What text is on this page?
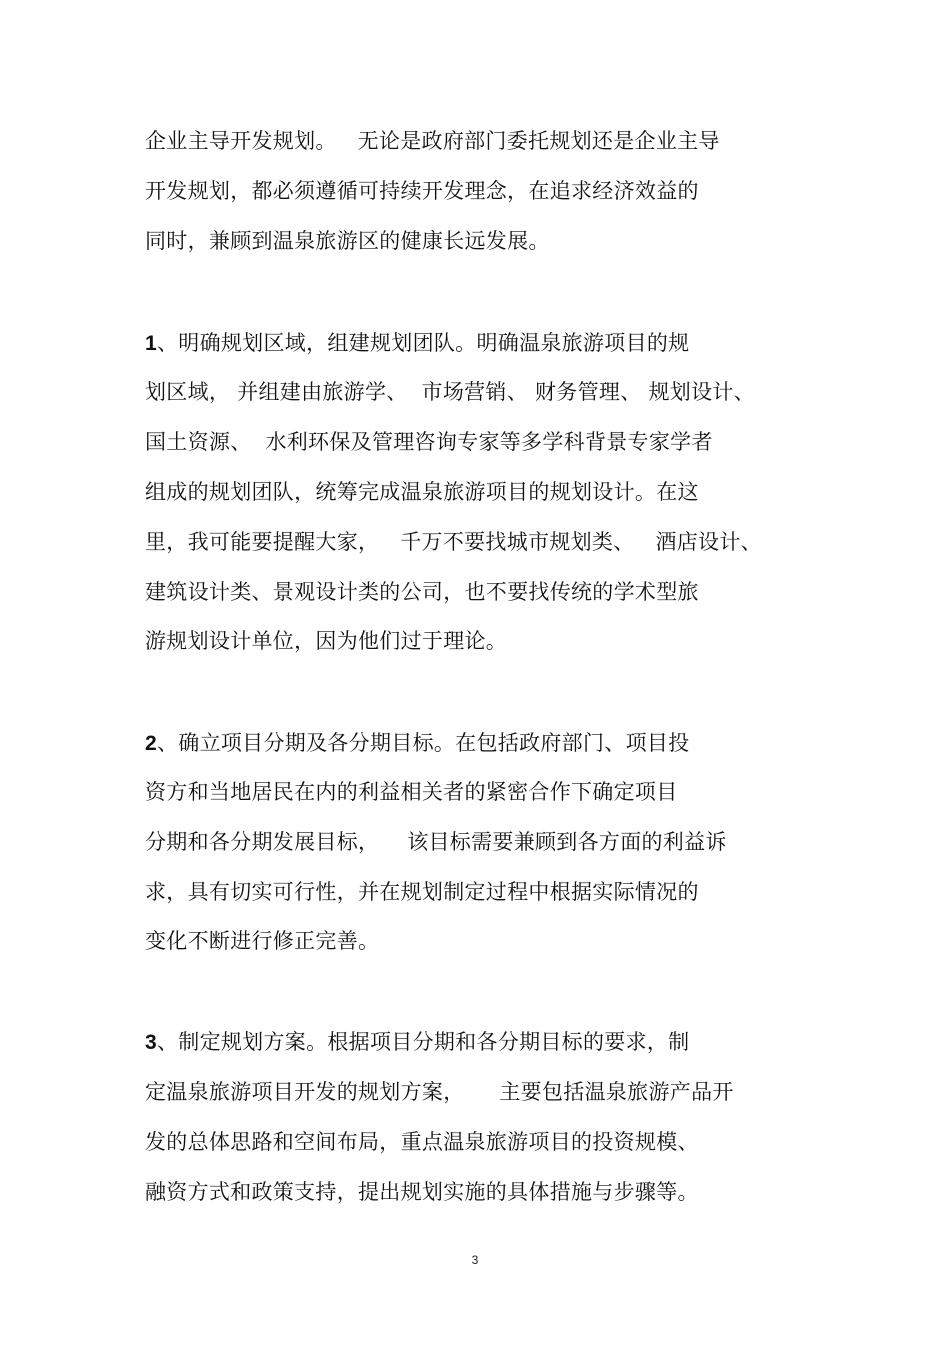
企业主导开发规划。   无论是政府部门委托规划还是企业主导
开发规划，都必须遵循可持续开发理念，在追求经济效益的
同时，兼顾到温泉旅游区的健康长远发展。
1、明确规划区域，组建规划团队。明确温泉旅游项目的规
划区域， 并组建由旅游学、  市场营销、 财务管理、 规划设计、
国土资源、  水利环保及管理咨询专家等多学科背景专家学者
组成的规划团队，统筹完成温泉旅游项目的规划设计。在这
里，我可能要提醒大家，   千万不要找城市规划类、   酒店设计、
建筑设计类、景观设计类的公司，也不要找传统的学术型旅
游规划设计单位，因为他们过于理论。
2、确立项目分期及各分期目标。在包括政府部门、项目投
资方和当地居民在内的利益相关者的紧密合作下确定项目
分期和各分期发展目标，    该目标需要兼顾到各方面的利益诉
求，具有切实可行性，并在规划制定过程中根据实际情况的
变化不断进行修正完善。
3、制定规划方案。根据项目分期和各分期目标的要求，制
定温泉旅游项目开发的规划方案，     主要包括温泉旅游产品开
发的总体思路和空间布局，重点温泉旅游项目的投资规模、
融资方式和政策支持，提出规划实施的具体措施与步骤等。
3
